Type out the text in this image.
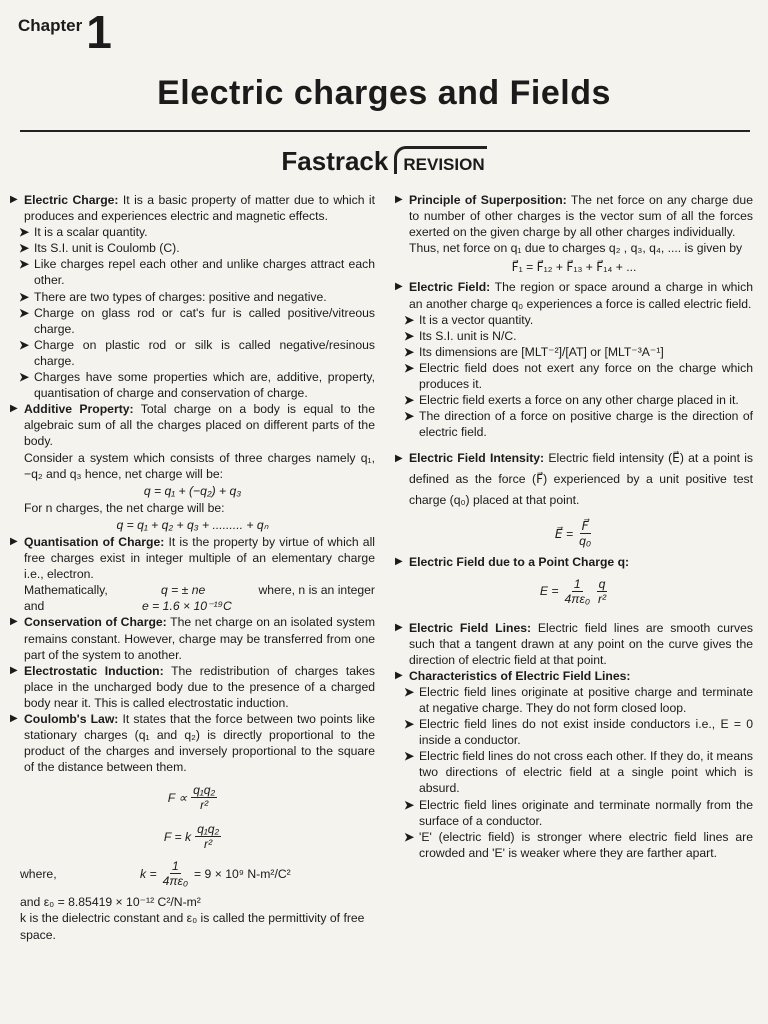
Chapter 1
Electric charges and Fields
Fastrack REVISION
▶ Electric Charge: It is a basic property of matter due to which it produces and experiences electric and magnetic effects.
➤ It is a scalar quantity.
➤ Its S.I. unit is Coulomb (C).
➤ Like charges repel each other and unlike charges attract each other.
➤ There are two types of charges: positive and negative.
➤ Charge on glass rod or cat's fur is called positive/vitreous charge.
➤ Charge on plastic rod or silk is called negative/resinous charge.
➤ Charges have some properties which are, additive, property, quantisation of charge and conservation of charge.
▶ Additive Property: Total charge on a body is equal to the algebraic sum of all the charges placed on different parts of the body.
Consider a system which consists of three charges namely q₁, −q₂ and q₃ hence, net charge will be:
q = q₁ + (−q₂) + q₃
For n charges, the net charge will be:
q = q₁ + q₂ + q₃ + ......... + qₙ
▶ Quantisation of Charge: It is the property by virtue of which all free charges exist in integer multiple of an elementary charge i.e., electron.
Mathematically,	q = ± ne	where, n is an integer
and	e = 1.6 × 10⁻¹⁹C
▶ Conservation of Charge: The net charge on an isolated system remains constant. However, charge may be transferred from one part of the system to another.
▶ Electrostatic Induction: The redistribution of charges takes place in the uncharged body due to the presence of a charged body near it. This is called electrostatic induction.
▶ Coulomb's Law: It states that the force between two points like stationary charges (q₁ and q₂) is directly proportional to the product of the charges and inversely proportional to the square of the distance between them.
$F \propto \frac{\text{q₁q₂}}{\text{r²}}$
F = k $\frac{\text{q₁q₂}}{\text{r²}}$
where,	$k = \frac{1}{\text{4πε₀}} = 9 \times 10^9$ N-m²/C²
and ε₀ = 8.85419 × 10⁻¹² C²/N-m²
k is the dielectric constant and ε₀ is called the permittivity of free space.
▶ Principle of Superposition: The net force on any charge due to number of other charges is the vector sum of all the forces exerted on the given charge by all other charges individually.
Thus, net force on q₁ due to charges q₂ , q₃, q₄, .... is given by
F⃗₁ = F⃗₁₂ + F⃗₁₃ + F⃗₁₄ + ...
▶ Electric Field: The region or space around a charge in which an another charge q₀ experiences a force is called electric field.
➤ It is a vector quantity.
➤ Its S.I. unit is N/C.
➤ Its dimensions are [MLT⁻²]/[AT] or [MLT⁻³A⁻¹]
➤ Electric field does not exert any force on the charge which produces it.
➤ Electric field exerts a force on any other charge placed in it.
➤ The direction of a force on positive charge is the direction of electric field.
▶ Electric Field Intensity: Electric field intensity (E⃗) at a point is defined as the force (F⃗) experienced by a unit positive test charge (q₀) placed at that point.
E⃗ = $\frac{F⃗}{\text{q₀}}$
▶ Electric Field due to a Point Charge q:
$E = \frac{1}{\text{4πε₀}} \frac{q}{\text{r²}}$
▶ Electric Field Lines: Electric field lines are smooth curves such that a tangent drawn at any point on the curve gives the direction of electric field at that point.
▶ Characteristics of Electric Field Lines:
➤ Electric field lines originate at positive charge and terminate at negative charge. They do not form closed loop.
➤ Electric field lines do not exist inside conductors i.e., E = 0 inside a conductor.
➤ Electric field lines do not cross each other. If they do, it means two directions of electric field at a single point which is absurd.
➤ Electric field lines originate and terminate normally from the surface of a conductor.
➤ 'E' (electric field) is stronger where electric field lines are crowded and 'E' is weaker where they are farther apart.
